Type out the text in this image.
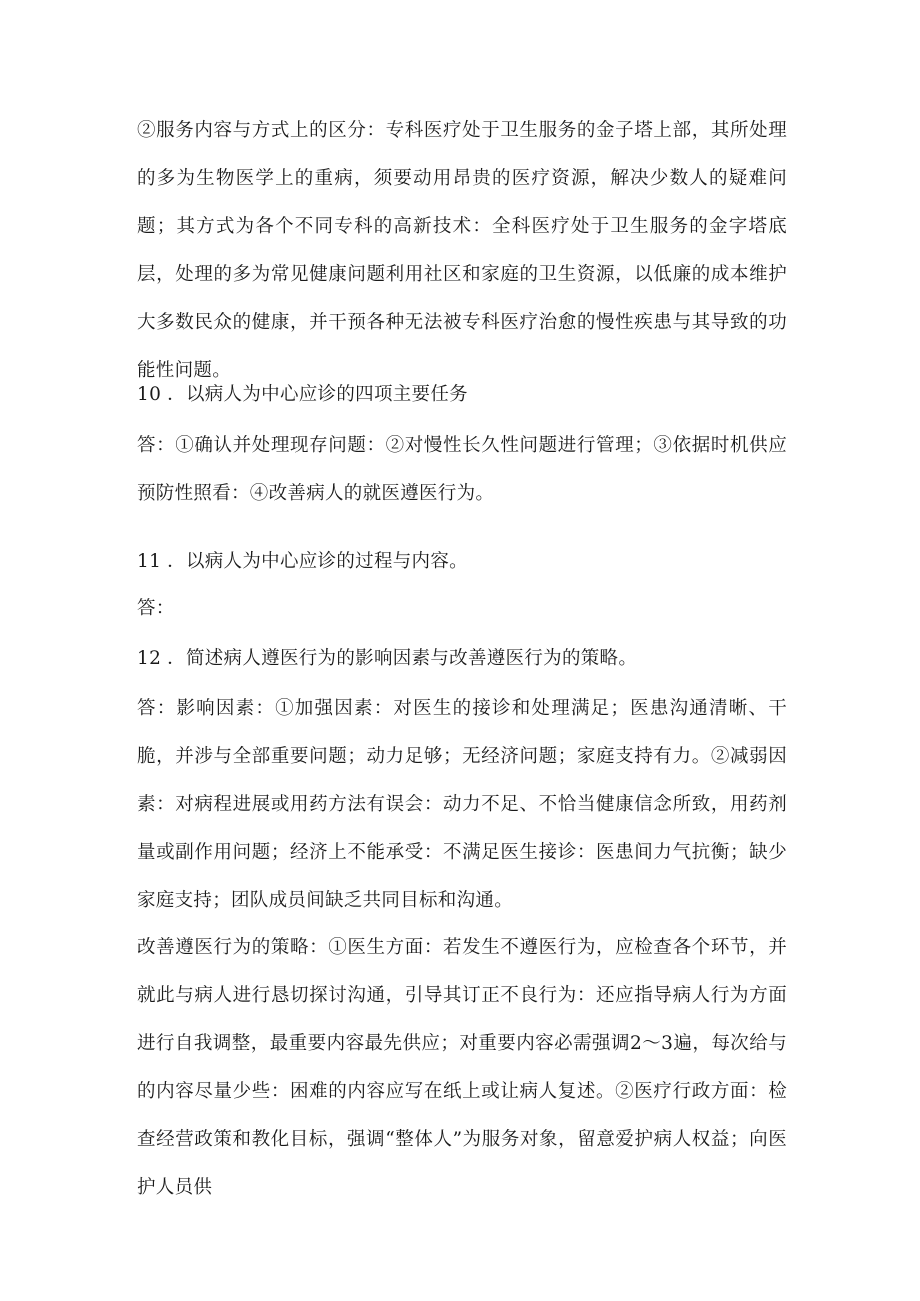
②服务内容与方式上的区分：专科医疗处于卫生服务的金子塔上部，其所处理的多为生物医学上的重病，须要动用昂贵的医疗资源，解决少数人的疑难问题；其方式为各个不同专科的高新技术：全科医疗处于卫生服务的金字塔底层，处理的多为常见健康问题利用社区和家庭的卫生资源，以低廉的成本维护大多数民众的健康，并干预各种无法被专科医疗治愈的慢性疾患与其导致的功能性问题。

10 ．以病人为中心应诊的四项主要任务

答：①确认并处理现存问题：②对慢性长久性问题进行管理；③依据时机供应预防性照看：④改善病人的就医遵医行为。

11 ．以病人为中心应诊的过程与内容。

答：

12 ．简述病人遵医行为的影响因素与改善遵医行为的策略。

答：影响因素：①加强因素：对医生的接诊和处理满足；医患沟通清晰、干脆，并涉与全部重要问题；动力足够；无经济问题；家庭支持有力。②减弱因素：对病程进展或用药方法有误会：动力不足、不恰当健康信念所致，用药剂量或副作用问题；经济上不能承受：不满足医生接诊：医患间力气抗衡；缺少家庭支持；团队成员间缺乏共同目标和沟通。

改善遵医行为的策略：①医生方面：若发生不遵医行为，应检查各个环节，并就此与病人进行恳切探讨沟通，引导其订正不良行为：还应指导病人行为方面进行自我调整，最重要内容最先供应；对重要内容必需强调2〜3遍，每次给与的内容尽量少些：困难的内容应写在纸上或让病人复述。②医疗行政方面：检查经营政策和教化目标，强调“整体人”为服务对象，留意爱护病人权益；向医护人员供
